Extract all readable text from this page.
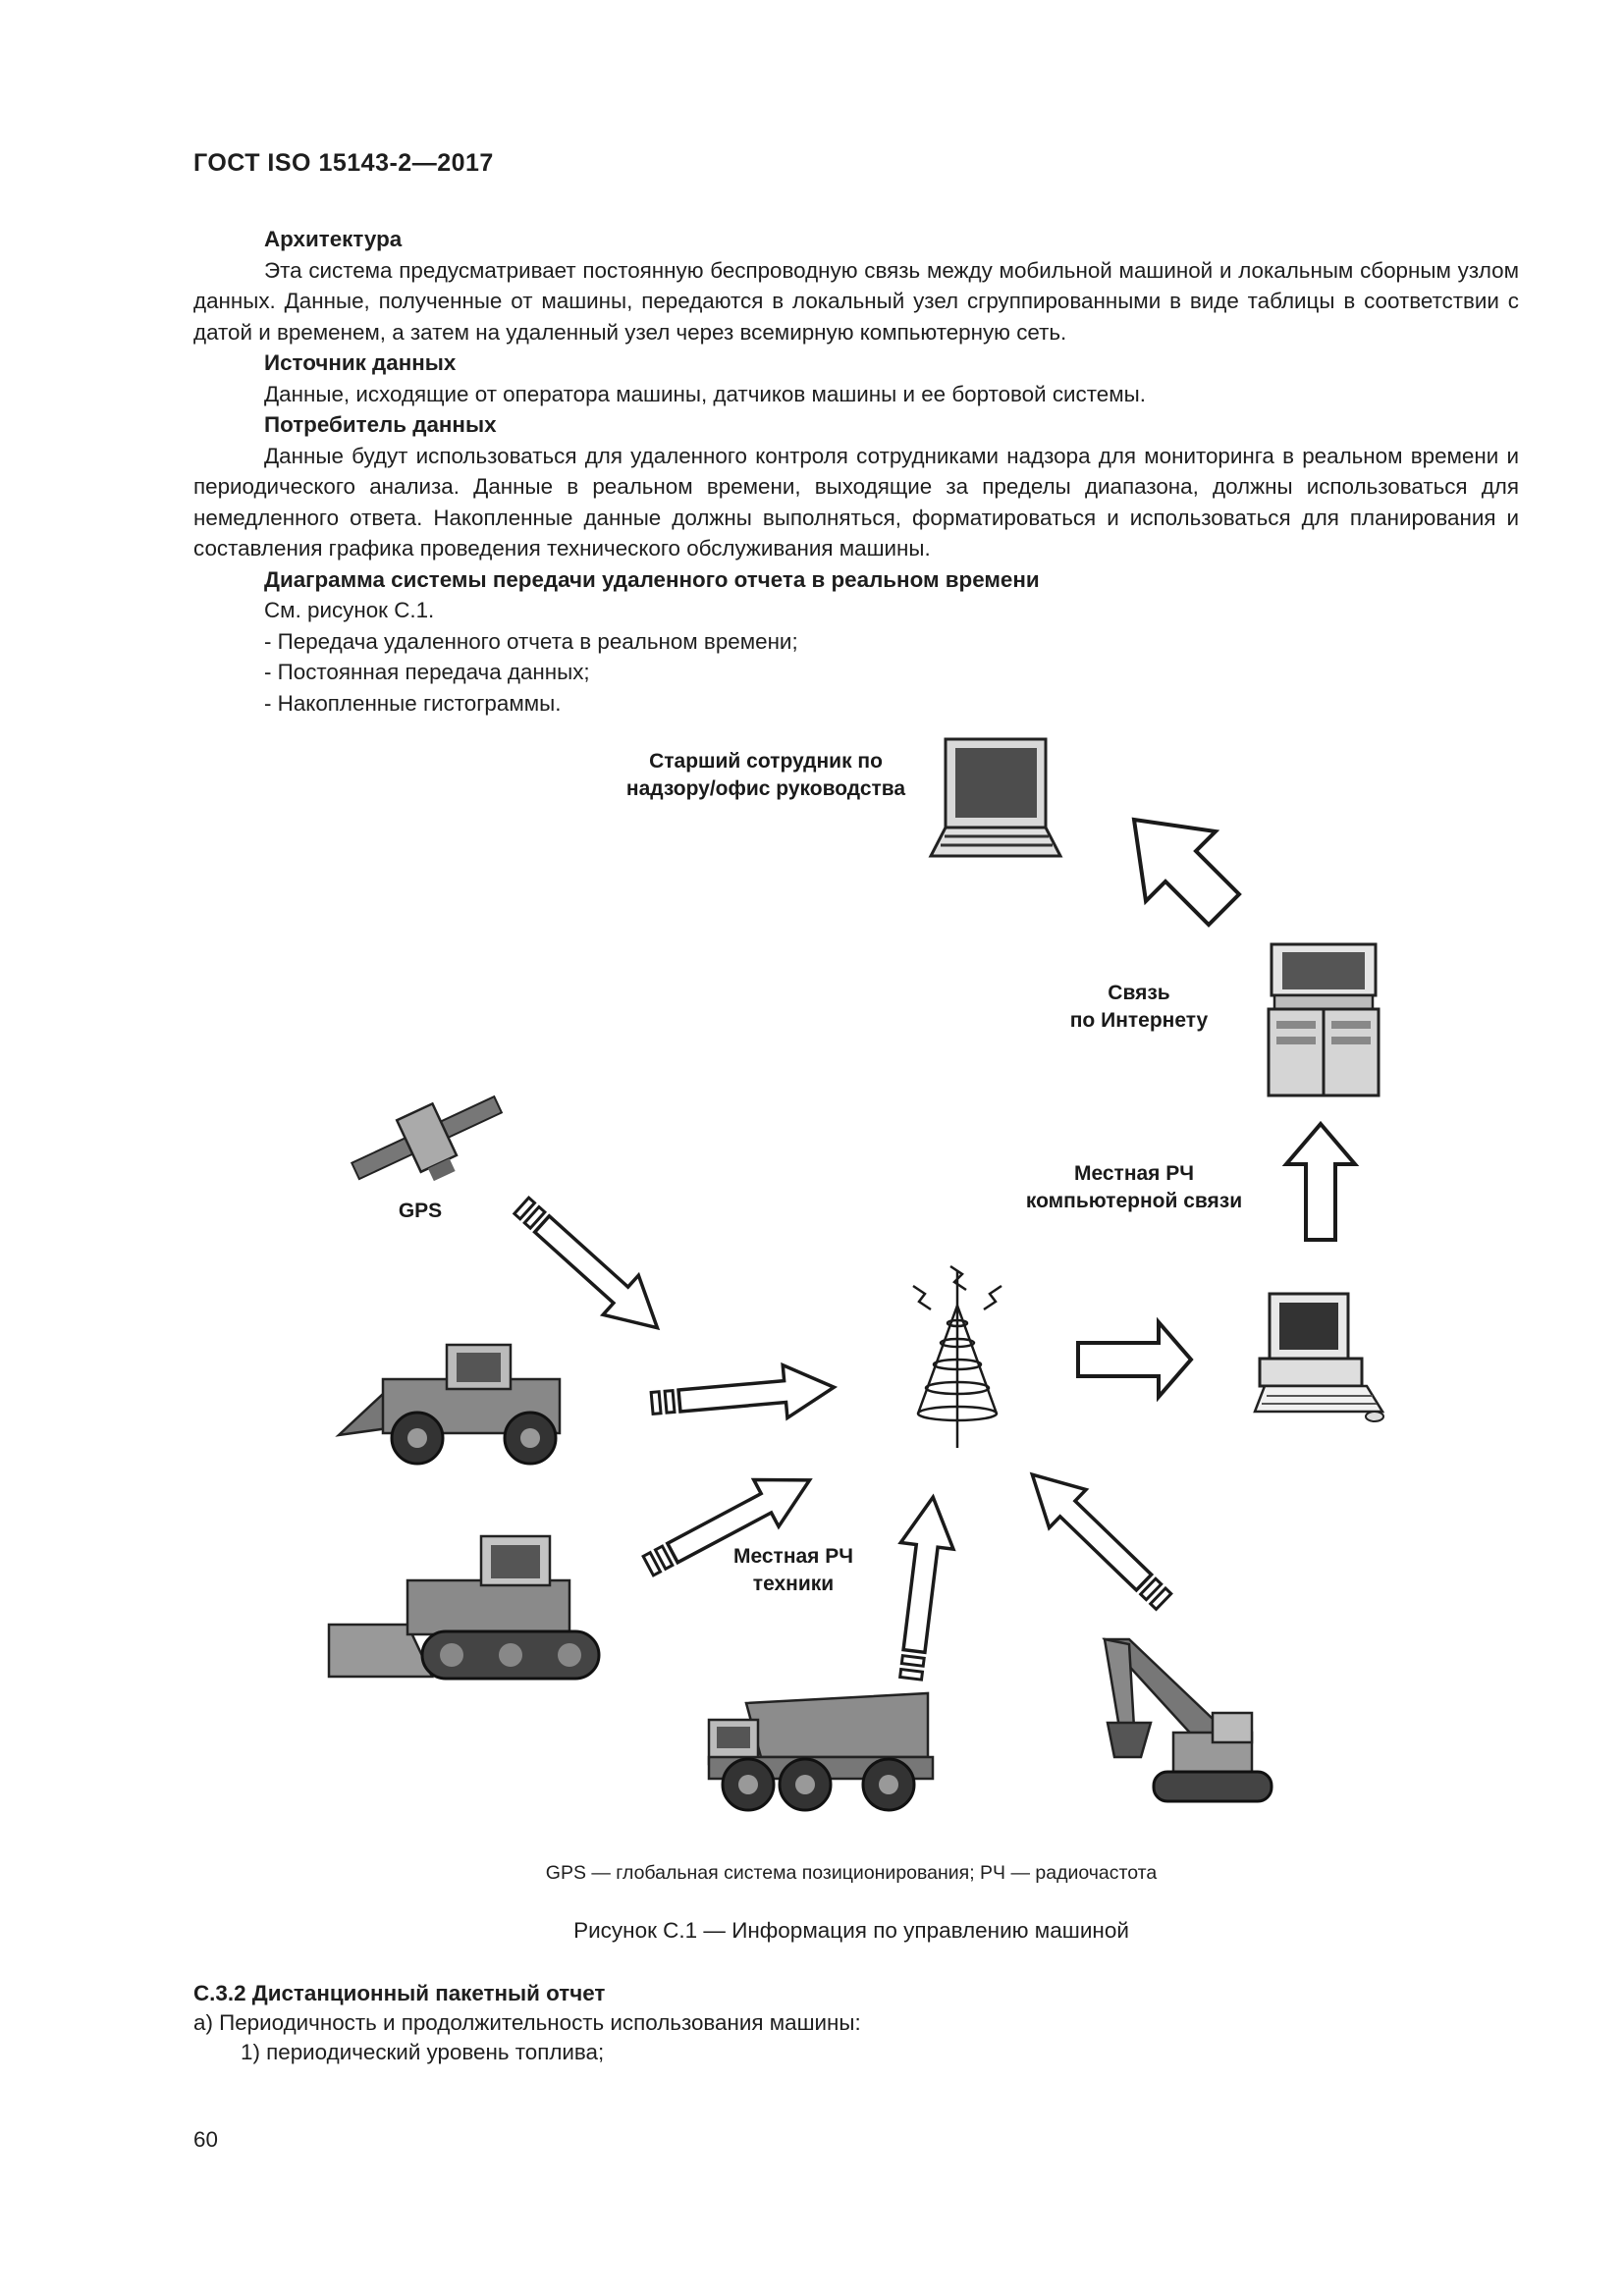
ГОСТ ISO 15143-2—2017

Архитектура

Эта система предусматривает постоянную беспроводную связь между мобильной машиной и локальным сборным узлом данных. Данные, полученные от машины, передаются в локальный узел сгруппированными в виде таблицы в соответствии с датой и временем, а затем на удаленный узел через всемирную компьютерную сеть.

Источник данных

Данные, исходящие от оператора машины, датчиков машины и ее бортовой системы.

Потребитель данных

Данные будут использоваться для удаленного контроля сотрудниками надзора для мониторинга в реальном времени и периодического анализа. Данные в реальном времени, выходящие за пределы диапазона, должны использоваться для немедленного ответа. Накопленные данные должны выполняться, форматироваться и использоваться для планирования и составления графика проведения технического обслуживания машины.

Диаграмма системы передачи удаленного отчета в реальном времени

См. рисунок С.1.

- Передача удаленного отчета в реальном времени;

- Постоянная передача данных;

- Накопленные гистограммы.

Старший сотрудник по
надзору/офис руководства
Связь
по Интернету
Местная РЧ
компьютерной связи
GPS
Местная РЧ
техники
GPS — глобальная система позиционирования; РЧ — радиочастота
Рисунок С.1 — Информация по управлению машиной

С.3.2 Дистанционный пакетный отчет

а) Периодичность и продолжительность использования машины:

1) периодический уровень топлива;

60
